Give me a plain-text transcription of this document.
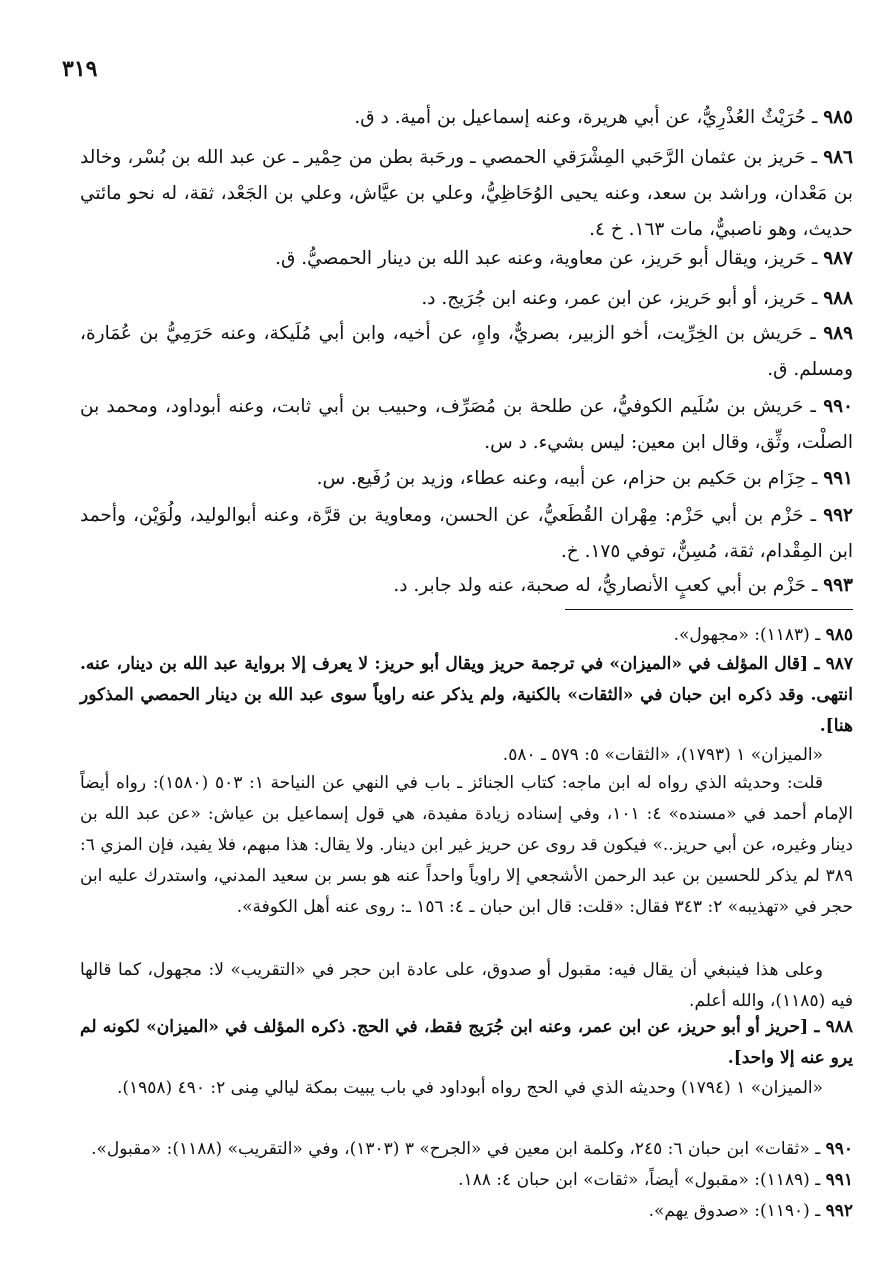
٣١٩
٩٨٥ ـ حُرَيْثٌ العُذْرِيُّ، عن أبي هريرة، وعنه إسماعيل بن أمية. د ق.
٩٨٦ ـ حَريز بن عثمان الرَّحَبي المِشْرَقي الحمصي ـ ورحَبة بطن من حِمْير ـ عن عبد الله بن بُسْر، وخالد بن مَعْدان، وراشد بن سعد، وعنه يحيى الوُحَاظِيُّ، وعلي بن عيَّاش، وعلي بن الجَعْد، ثقة، له نحو مائتي حديث، وهو ناصبيٌّ، مات ١٦٣. خ ٤.
٩٨٧ ـ حَريز، ويقال أبو حَريز، عن معاوية، وعنه عبد الله بن دينار الحمصيُّ. ق.
٩٨٨ ـ حَريز، أو أبو حَريز، عن ابن عمر، وعنه ابن جُرَيج. د.
٩٨٩ ـ حَريش بن الخِرِّيت، أخو الزبير، بصريٌّ، واهٍ، عن أخيه، وابن أبي مُلَيكة، وعنه حَرَمِيُّ بن عُمَارة، ومسلم. ق.
٩٩٠ ـ حَريش بن سُلَيم الكوفيُّ، عن طلحة بن مُصَرِّف، وحبيب بن أبي ثابت، وعنه أبوداود، ومحمد بن الصلْت، وثِّق، وقال ابن معين: ليس بشيء. د س.
٩٩١ ـ حِزَام بن حَكيم بن حزام، عن أبيه، وعنه عطاء، وزيد بن رُفَيع. س.
٩٩٢ ـ حَزْم بن أبي حَزْم: مِهْران القُطَعيُّ، عن الحسن، ومعاوية بن قرَّة، وعنه أبوالوليد، ولُوَيْن، وأحمد ابن المِقْدام، ثقة، مُسِنٌّ، توفي ١٧٥. خ.
٩٩٣ ـ حَزْم بن أبي كعبٍ الأنصاريُّ، له صحبة، عنه ولد جابر. د.
٩٨٥ ـ (١١٨٣): «مجهول».
٩٨٧ ـ [قال المؤلف في «الميزان» في ترجمة حريز ويقال أبو حريز: لا يعرف إلا برواية عبد الله بن دينار، عنه. انتهى. وقد ذكره ابن حبان في «الثقات» بالكنية، ولم يذكر عنه راوياً سوى عبد الله بن دينار الحمصي المذكور هنا].
«الميزان» ١ (١٧٩٣)، «الثقات» ٥: ٥٧٩ ـ ٥٨٠.
قلت: وحديثه الذي رواه له ابن ماجه: كتاب الجنائز ـ باب في النهي عن النياحة ١: ٥٠٣ (١٥٨٠): رواه أيضاً الإمام أحمد في «مسنده» ٤: ١٠١، وفي إسناده زيادة مفيدة، هي قول إسماعيل بن عياش: «عن عبد الله بن دينار وغيره، عن أبي حريز..» فيكون قد روى عن حريز غير ابن دينار. ولا يقال: هذا مبهم، فلا يفيد، فإن المزي ٦: ٣٨٩ لم يذكر للحسين بن عبد الرحمن الأشجعي إلا راوياً واحداً عنه هو بسر بن سعيد المدني، واستدرك عليه ابن حجر في «تهذيبه» ٢: ٣٤٣ فقال: «قلت: قال ابن حبان ـ ٤: ١٥٦ ـ: روى عنه أهل الكوفة».
وعلى هذا فينبغي أن يقال فيه: مقبول أو صدوق، على عادة ابن حجر في «التقريب» لا: مجهول، كما قالها فيه (١١٨٥)، والله أعلم.
٩٨٨ ـ [حريز أو أبو حريز، عن ابن عمر، وعنه ابن جُرَيج فقط، في الحج. ذكره المؤلف في «الميزان» لكونه لم يرو عنه إلا واحد].
«الميزان» ١ (١٧٩٤) وحديثه الذي في الحج رواه أبوداود في باب يبيت بمكة ليالي مِنى ٢: ٤٩٠ (١٩٥٨).
٩٩٠ ـ «ثقات» ابن حبان ٦: ٢٤٥، وكلمة ابن معين في «الجرح» ٣ (١٣٠٣)، وفي «التقريب» (١١٨٨): «مقبول».
٩٩١ ـ (١١٨٩): «مقبول» أيضاً، «ثقات» ابن حبان ٤: ١٨٨.
٩٩٢ ـ (١١٩٠): «صدوق يهم».
